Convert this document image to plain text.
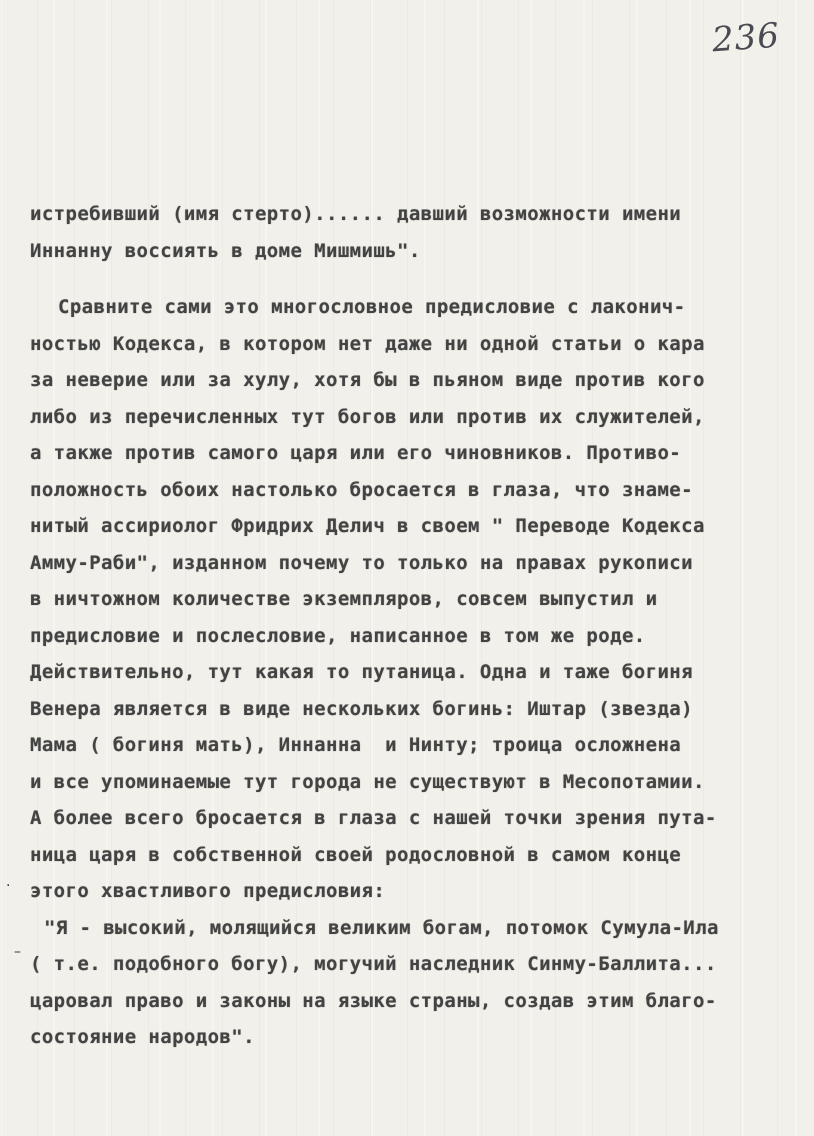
236
истребивший (имя стерто)...... давший возможности имени
Иннанну воссиять в доме Мишмишь".
Сравните сами это многословное предисловие с лаконич-
ностью Кодекса, в котором нет даже ни одной статьи о кара
за неверие или за хулу, хотя бы в пьяном виде против кого
либо из перечисленных тут богов или против их служителей,
а также против самого царя или его чиновников. Противо-
положность обоих настолько бросается в глаза, что знаме-
нитый ассириолог Фридрих Делич в своем " Переводе Кодекса
Амму-Раби", изданном почему то только на правах рукописи
в ничтожном количестве экземпляров, совсем выпустил и
предисловие и послесловие, написанное в том же роде.
Действительно, тут какая то путаница. Одна и таже богиня
Венера является в виде нескольких богинь: Иштар (звезда)
Мама ( богиня мать), Иннанна  и Нинту; троица осложнена
и все упоминаемые тут города не существуют в Месопотамии.
А более всего бросается в глаза с нашей точки зрения пута-
ница царя в собственной своей родословной в самом конце
этого хвастливого предисловия:
"Я - высокий, молящийся великим богам, потомок Сумула-Ила
( т.е. подобного богу), могучий наследник Синму-Баллита...
царовал право и законы на языке страны, создав этим благо-
состояние народов".
·
–
